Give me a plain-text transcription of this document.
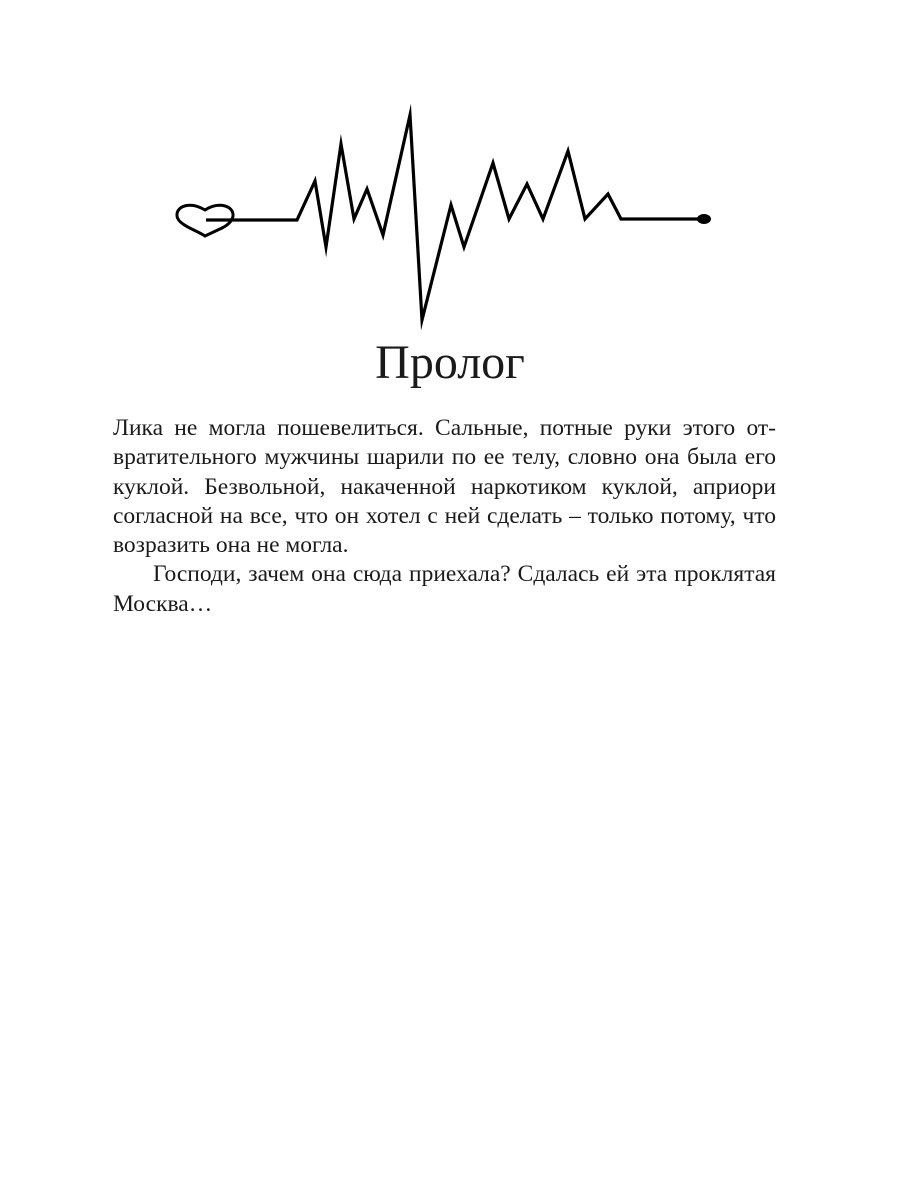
Пролог

Лика не могла пошевелиться. Сальные, потные руки этого отвратительного мужчины шарили по ее телу, словно она была его куклой. Безвольной, накаченной наркотиком куклой, априори согласной на все, что он хотел с ней сделать – только потому, что возразить она не могла.

Господи, зачем она сюда приехала? Сдалась ей эта проклятая Москва…
